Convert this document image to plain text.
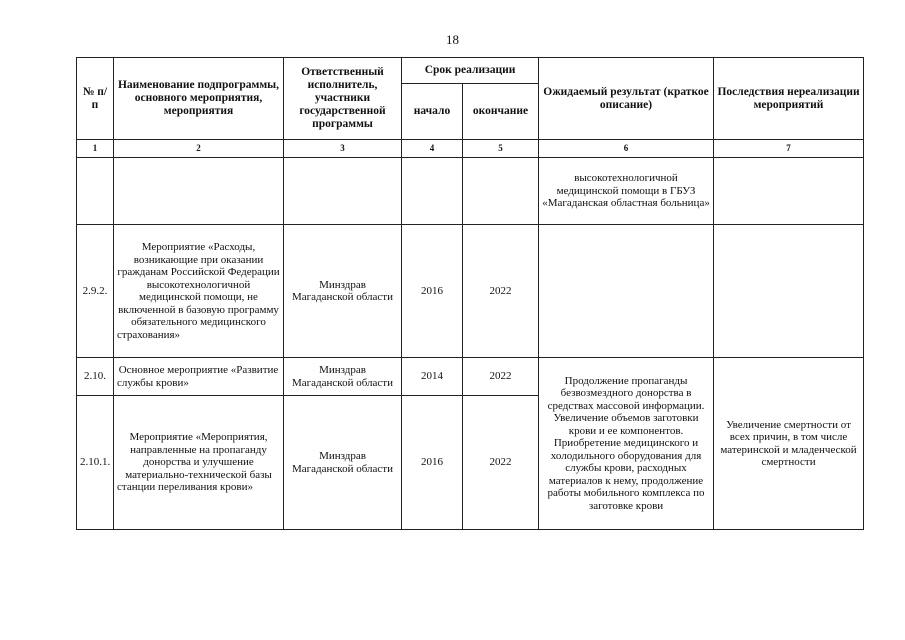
18
№ п/п	Наименование подпрограммы, основного мероприятия, мероприятия	Ответственный исполнитель, участники государственной программы	Срок реализации		Ожидаемый результат (краткое описание)	Последствия нереализации мероприятий
			начало	окончание		
1	2	3	4	5	6	7
					высокотехнологичной медицинской помощи в ГБУЗ «Магаданская областная больница»	
2.9.2.	Мероприятие «Расходы, возникающие при оказании гражданам Российской Федерации высокотехнологичной медицинской помощи, не включенной в базовую программу обязательного медицинского страхования»	Минздрав Магаданской области	2016	2022		
2.10.	Основное мероприятие «Развитие службы крови»	Минздрав Магаданской области	2014	2022	Продолжение пропаганды безвозмездного донорства в средствах массовой информации. Увеличение объемов заготовки крови и ее компонентов. Приобретение медицинского и холодильного оборудования для службы крови, расходных материалов к нему, продолжение работы мобильного комплекса по заготовке крови	Увеличение смертности от всех причин, в том числе материнской и младенческой смертности
2.10.1.	Мероприятие «Мероприятия, направленные на пропаганду донорства и улучшение материально-технической базы станции переливания крови»	Минздрав Магаданской области	2016	2022		
